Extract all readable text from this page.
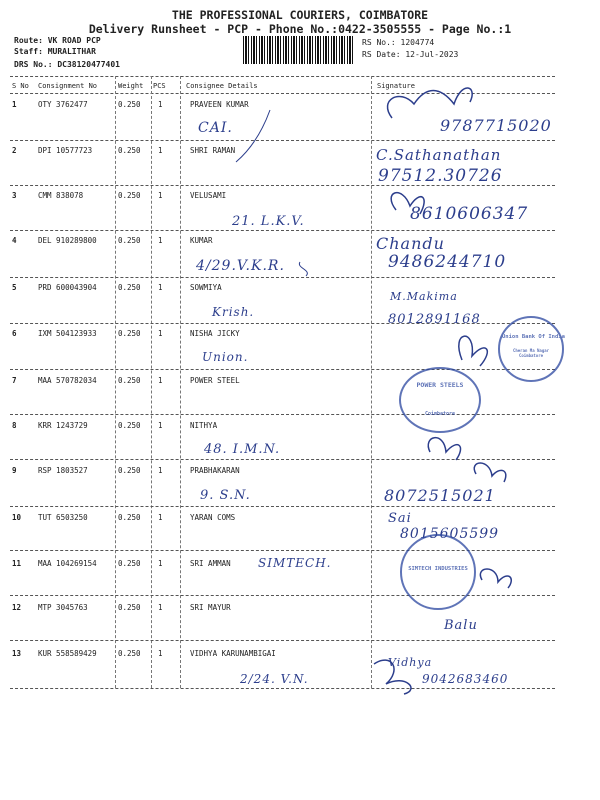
THE PROFESSIONAL COURIERS, COIMBATORE
Delivery Runsheet - PCP - Phone No.:0422-3505555 - Page No.:1
Route: VK ROAD PCP
Staff: MURALITHAR
DRS No.: DC38120477401
RS No.: 1204774
RS Date: 12-Jul-2023
S No Consignment No	Weight PCS	Consignee Details	Signature
1	OTY 3762477	0.250 1	PRAVEEN KUMAR
CAI.	9787715020
2	DPI 10577723	0.250 1	SHRI RAMAN	C.Sathanathan
97512.30726
3	CMM 838078	0.250 1	VELUSAMI
21. L.K.V.	8610606347
4	DEL 910289800	0.250 1	KUMAR
4/29.V.K.R.
Chandu
9486244710
5	PRD 600043904	0.250 1	SOWMIYA
Krish.
M.Makima
8012891168
6	IXM 504123933	0.250 1	NISHA JICKY
Union.
7	MAA 570782034	0.250 1	POWER STEEL
8	KRR 1243729	0.250 1	NITHYA
48. I.M.N.
9	RSP 1803527	0.250 1	PRABHAKARAN
9. S.N.	8072515021
10 TUT 6503250	0.250 1	YARAN COMS	Sai
8015605599
11 MAA 104269154	0.250 1	SRI AMMAN SIMTECH.
12 MTP 3045763	0.250 1	SRI MAYUR
Balu
13 KUR 558589429	0.250 1	VIDHYA KARUNAMBIGAI
2/24. V.N.
Vidhya
9042683460
Union Bank Of India
Cheran Ma Nagar Coimbatore
POWER STEELS
Coimbatore
SIMTECH INDUSTRIES
